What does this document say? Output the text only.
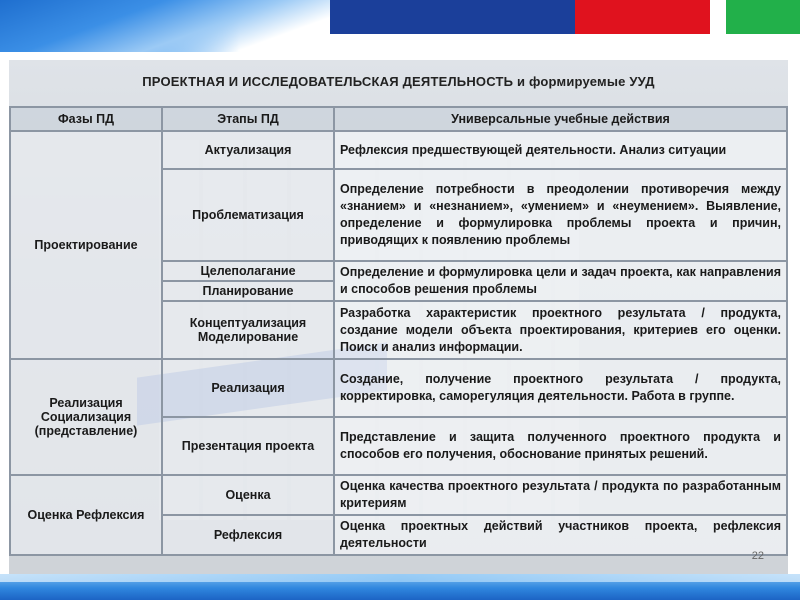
ПРОЕКТНАЯ И ИССЛЕДОВАТЕЛЬСКАЯ ДЕЯТЕЛЬНОСТЬ и формируемые УУД
Фазы ПД	Этапы ПД	Универсальные учебные действия
Проектирование	Актуализация	Рефлексия предшествующей деятельности. Анализ ситуации
	Проблематизация	Определение потребности в преодолении противоречия между «знанием» и «незнанием», «умением» и «неумением». Выявление, определение и формулировка проблемы проекта и причин, приводящих к появлению проблемы
	Целеполагание	Определение и формулировка цели и задач проекта, как направления и способов решения проблемы
	Планирование	
	Концептуализация Моделирование	Разработка характеристик проектного результата / продукта, создание модели объекта проектирования, критериев его оценки. Поиск и анализ информации.
Реализация Социализация (представление)	Реализация	Создание, получение проектного результата / продукта, корректировка, саморегуляция деятельности. Работа в группе.
	Презентация проекта	Представление и защита полученного проектного продукта и способов его получения, обоснование принятых решений.
Оценка Рефлексия	Оценка	Оценка качества проектного результата / продукта по разработанным критериям
	Рефлексия	Оценка проектных действий участников проекта, рефлексия деятельности
22
